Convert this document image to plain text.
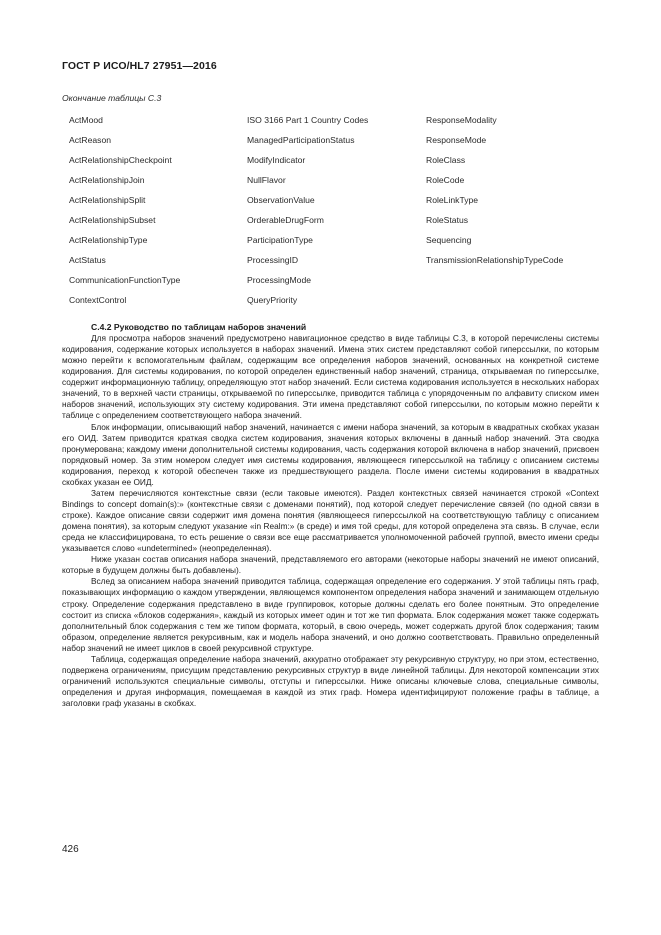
ГОСТ Р ИСО/HL7 27951—2016
Окончание таблицы С.3
ActMood	ISO 3166 Part 1 Country Codes	ResponseModality
ActReason	ManagedParticipationStatus	ResponseMode
ActRelationshipCheckpoint	ModifyIndicator	RoleClass
ActRelationshipJoin	NullFlavor	RoleCode
ActRelationshipSplit	ObservationValue	RoleLinkType
ActRelationshipSubset	OrderableDrugForm	RoleStatus
ActRelationshipType	ParticipationType	Sequencing
ActStatus	ProcessingID	TransmissionRelationshipTypeCode
CommunicationFunctionType	ProcessingMode
ContextControl	QueryPriority
С.4.2 Руководство по таблицам наборов значений

Для просмотра наборов значений предусмотрено навигационное средство в виде таблицы С.3, в которой перечислены системы кодирования, содержание которых используется в наборах значений. Имена этих систем представляют собой гиперссылки, по которым можно перейти к вспомогательным файлам, содержащим все определения наборов значений, основанных на конкретной системе кодирования. Для системы кодирования, по которой определен единственный набор значений, страница, открываемая по гиперссылке, содержит информационную таблицу, определяющую этот набор значений. Если система кодирования используется в нескольких наборах значений, то в верхней части страницы, открываемой по гиперссылке, приводится таблица с упорядоченным по алфавиту списком имен наборов значений, использующих эту систему кодирования. Эти имена представляют собой гиперссылки, по которым можно перейти к таблице с определением соответствующего набора значений.

Блок информации, описывающий набор значений, начинается с имени набора значений, за которым в квадратных скобках указан его ОИД. Затем приводится краткая сводка систем кодирования, значения которых включены в данный набор значений. Эта сводка пронумерована; каждому имени дополнительной системы кодирования, часть содержания которой включена в набор значений, присвоен порядковый номер. За этим номером следует имя системы кодирования, являющееся гиперссылкой на таблицу с описанием системы кодирования, переход к которой обеспечен также из предшествующего раздела. После имени системы кодирования в квадратных скобках указан ее ОИД.

Затем перечисляются контекстные связи (если таковые имеются). Раздел контекстных связей начинается строкой «Context Bindings to concept domain(s):» (контекстные связи с доменами понятий), под которой следует перечисление связей (по одной связи в строке). Каждое описание связи содержит имя домена понятия (являющееся гиперссылкой на соответствующую таблицу с описанием домена понятия), за которым следуют указание «in Realm:» (в среде) и имя той среды, для которой определена эта связь. В случае, если среда не классифицирована, то есть решение о связи все еще рассматривается уполномоченной рабочей группой, вместо имени среды указывается слово «undetermined» (неопределенная).

Ниже указан состав описания набора значений, представляемого его авторами (некоторые наборы значений не имеют описаний, которые в будущем должны быть добавлены).

Вслед за описанием набора значений приводится таблица, содержащая определение его содержания. У этой таблицы пять граф, показывающих информацию о каждом утверждении, являющемся компонентом определения набора значений и занимающем отдельную строку. Определение содержания представлено в виде группировок, которые должны сделать его более понятным. Это определение состоит из списка «блоков содержания», каждый из которых имеет один и тот же тип формата. Блок содержания может также содержать дополнительный блок содержания с тем же типом формата, который, в свою очередь, может содержать другой блок содержания; таким образом, определение является рекурсивным, как и модель набора значений, и оно должно соответствовать. Правильно определенный набор значений не имеет циклов в своей рекурсивной структуре.

Таблица, содержащая определение набора значений, аккуратно отображает эту рекурсивную структуру, но при этом, естественно, подвержена ограничениям, присущим представлению рекурсивных структур в виде линейной таблицы. Для некоторой компенсации этих ограничений используются специальные символы, отступы и гиперссылки. Ниже описаны ключевые слова, специальные символы, определения и другая информация, помещаемая в каждой из этих граф. Номера идентифицируют положение графы в таблице, а заголовки граф указаны в скобках.

426
